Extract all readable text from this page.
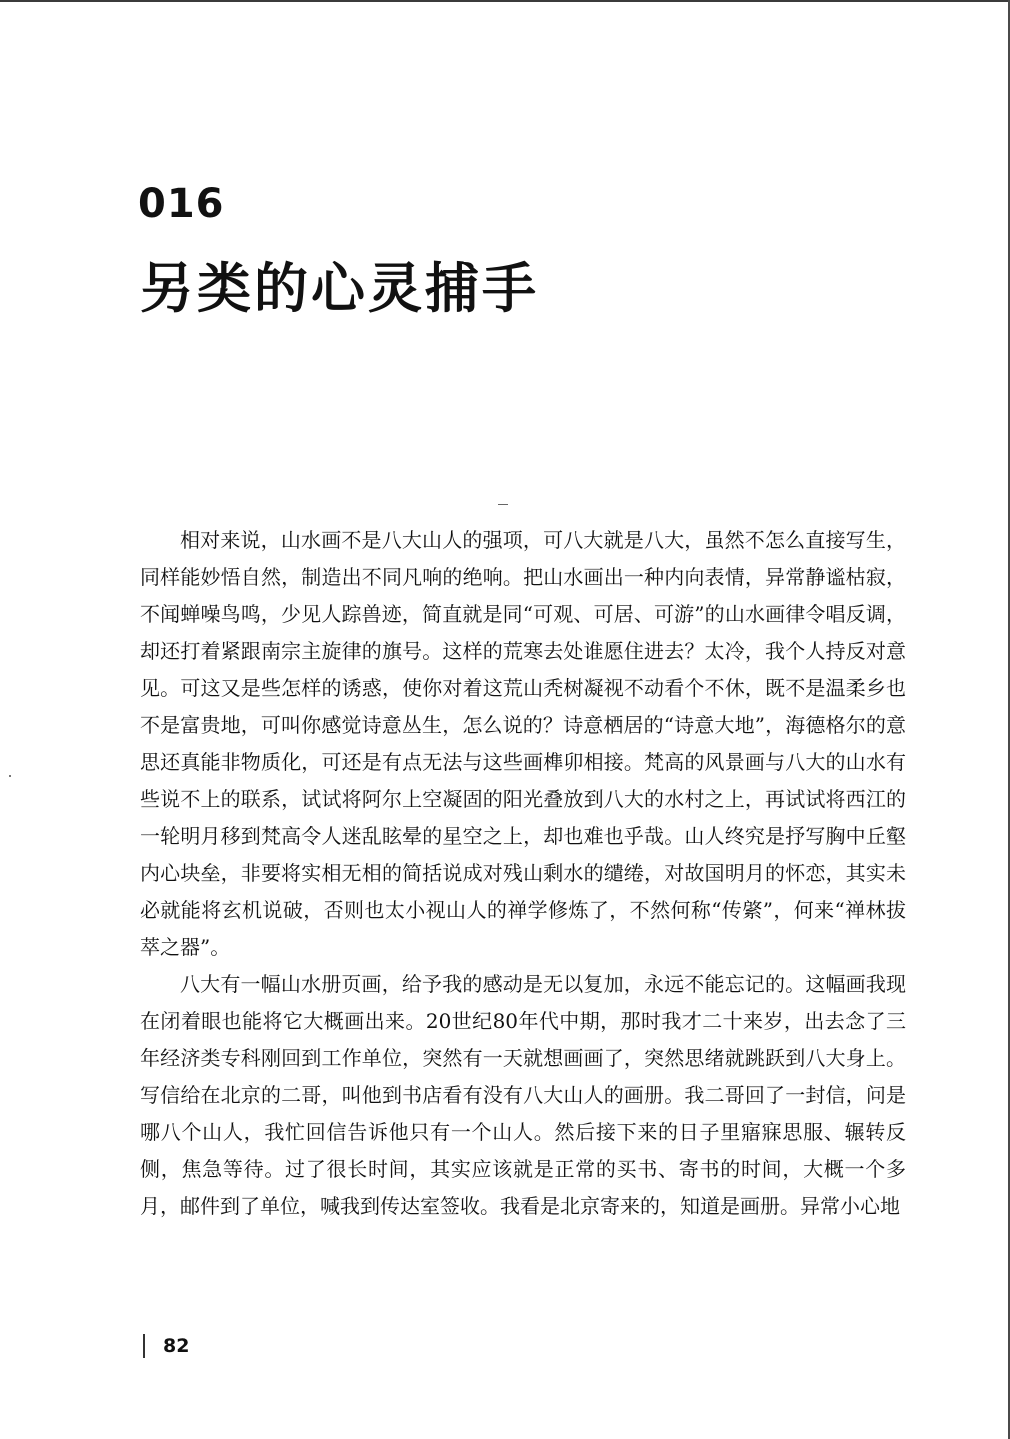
016
另类的心灵捕手

相对来说，山水画不是八大山人的强项，可八大就是八大，虽然不怎么直接写生，同样能妙悟自然，制造出不同凡响的绝响。把山水画出一种内向表情，异常静谧枯寂，不闻蝉噪鸟鸣，少见人踪兽迹，简直就是同“可观、可居、可游”的山水画律令唱反调，却还打着紧跟南宗主旋律的旗号。这样的荒寒去处谁愿住进去？太冷，我个人持反对意见。可这又是些怎样的诱惑，使你对着这荒山秃树凝视不动看个不休，既不是温柔乡也不是富贵地，可叫你感觉诗意丛生，怎么说的？诗意栖居的“诗意大地”，海德格尔的意思还真能非物质化，可还是有点无法与这些画榫卯相接。梵高的风景画与八大的山水有些说不上的联系，试试将阿尔上空凝固的阳光叠放到八大的水村之上，再试试将西江的一轮明月移到梵高令人迷乱眩晕的星空之上，却也难也乎哉。山人终究是抒写胸中丘壑内心块垒，非要将实相无相的简括说成对残山剩水的缱绻，对故国明月的怀恋，其实未必就能将玄机说破，否则也太小视山人的禅学修炼了，不然何称“传綮”，何来“禅林拔萃之器”。

八大有一幅山水册页画，给予我的感动是无以复加，永远不能忘记的。这幅画我现在闭着眼也能将它大概画出来。20世纪80年代中期，那时我才二十来岁，出去念了三年经济类专科刚回到工作单位，突然有一天就想画画了，突然思绪就跳跃到八大身上。写信给在北京的二哥，叫他到书店看有没有八大山人的画册。我二哥回了一封信，问是哪八个山人，我忙回信告诉他只有一个山人。然后接下来的日子里寤寐思服、辗转反侧，焦急等待。过了很长时间，其实应该就是正常的买书、寄书的时间，大概一个多月，邮件到了单位，喊我到传达室签收。我看是北京寄来的，知道是画册。异常小心地

82
